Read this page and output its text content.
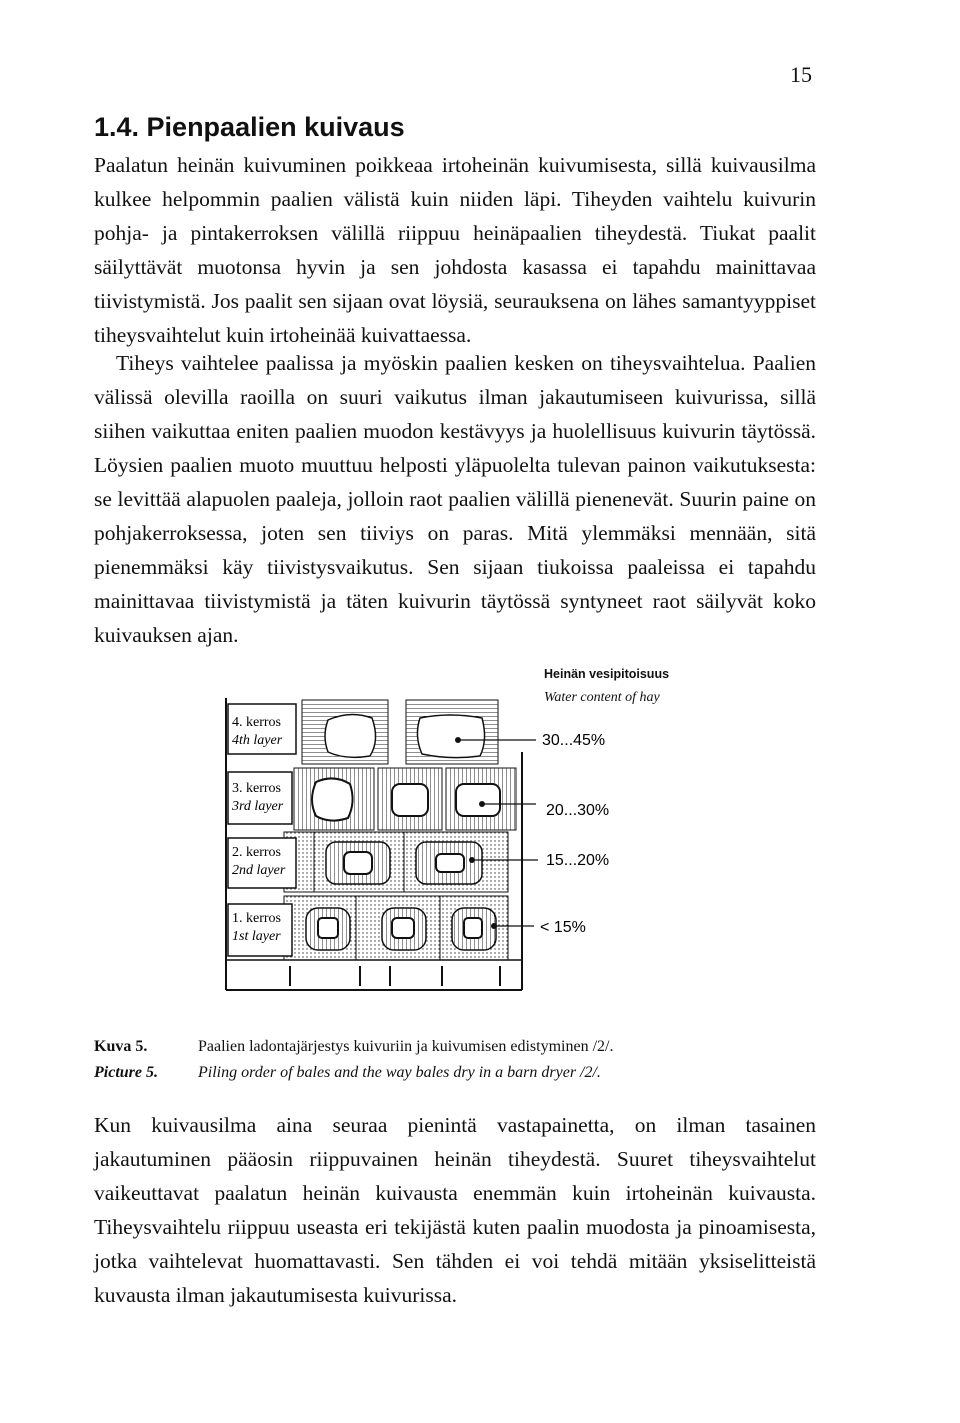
15
1.4. Pienpaalien kuivaus

Paalatun heinän kuivuminen poikkeaa irtoheinän kuivumisesta, sillä kuivausilma kulkee helpommin paalien välistä kuin niiden läpi. Tiheyden vaihtelu kuivurin pohja- ja pintakerroksen välillä riippuu heinäpaalien tiheydestä. Tiukat paalit säilyttävät muotonsa hyvin ja sen johdosta kasassa ei tapahdu mainittavaa tiivistymistä. Jos paalit sen sijaan ovat löysiä, seurauksena on lähes samantyyppiset tiheysvaihtelut kuin irtoheinää kuivattaessa.

Tiheys vaihtelee paalissa ja myöskin paalien kesken on tiheysvaihtelua. Paalien välissä olevilla raoilla on suuri vaikutus ilman jakautumiseen kuivurissa, sillä siihen vaikuttaa eniten paalien muodon kestävyys ja huolellisuus kuivurin täytössä. Löysien paalien muoto muuttuu helposti yläpuolelta tulevan painon vaikutuksesta: se levittää alapuolen paaleja, jolloin raot paalien välillä pienenevät. Suurin paine on pohjakerroksessa, joten sen tiiviys on paras. Mitä ylemmäksi mennään, sitä pienemmäksi käy tiivistysvaikutus. Sen sijaan tiukoissa paaleissa ei tapahdu mainittavaa tiivistymistä ja täten kuivurin täytössä syntyneet raot säilyvät koko kuivauksen ajan.

Heinän vesipitoisuus
Water content of hay
4. kerros
4th layer
3. kerros
3rd layer
2. kerros
2nd layer
1. kerros
1st layer
30...45%
20...30%
15...20%
< 15%
Kuva 5.	Paalien ladontajärjestys kuivuriin ja kuivumisen edistyminen /2/.
Picture 5.	Piling order of bales and the way bales dry in a barn dryer /2/.

Kun kuivausilma aina seuraa pienintä vastapainetta, on ilman tasainen jakautuminen pääosin riippuvainen heinän tiheydestä. Suuret tiheysvaihtelut vaikeuttavat paalatun heinän kuivausta enemmän kuin irtoheinän kuivausta. Tiheysvaihtelu riippuu useasta eri tekijästä kuten paalin muodosta ja pinoamisesta, jotka vaihtelevat huomattavasti. Sen tähden ei voi tehdä mitään yksiselitteistä kuvausta ilman jakautumisesta kuivurissa.
